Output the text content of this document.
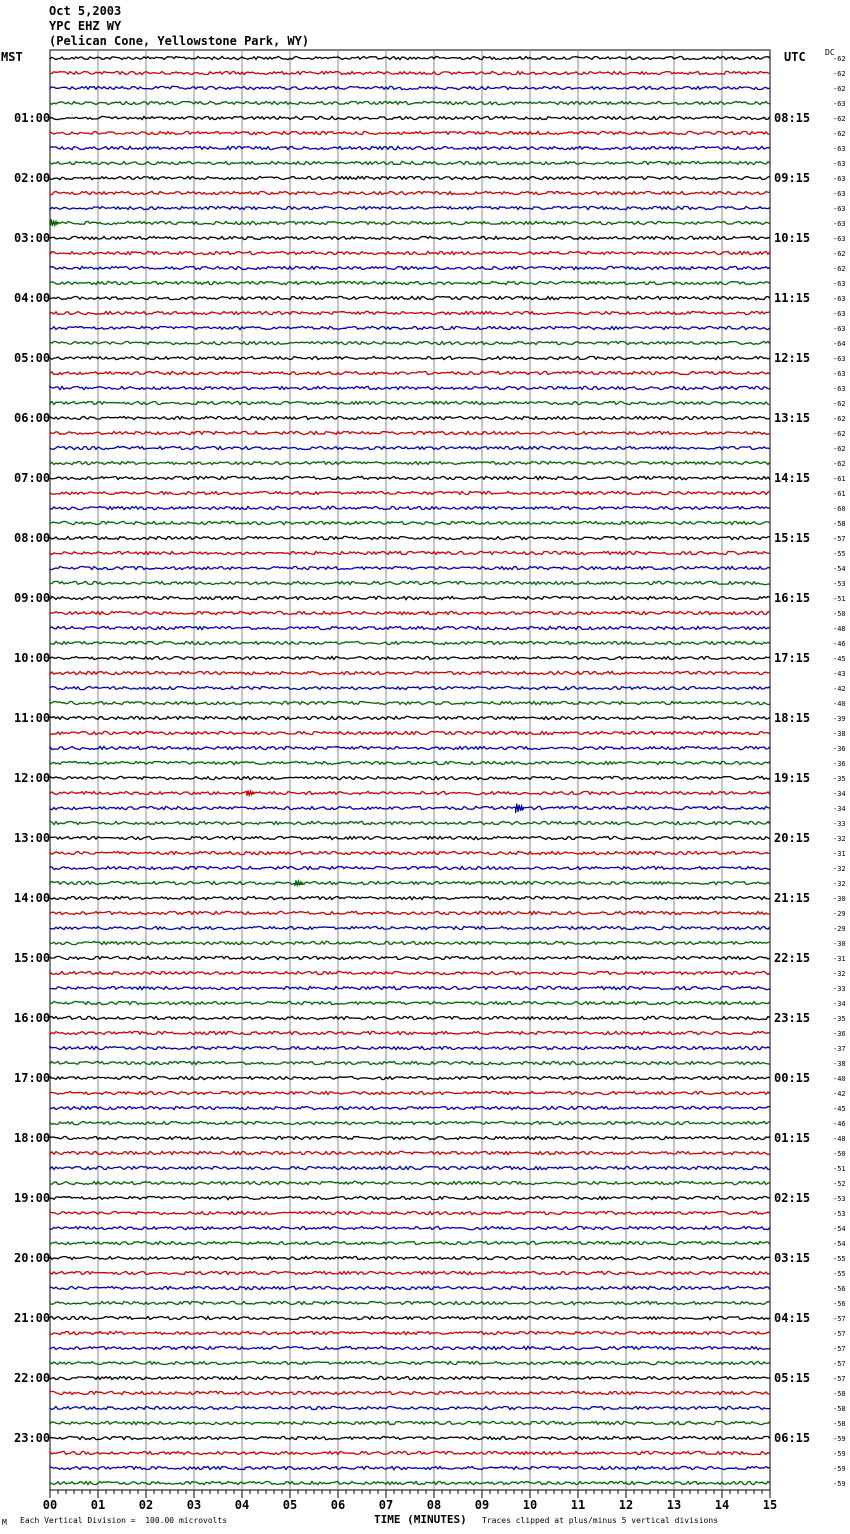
Oct 5,2003
YPC EHZ WY
(Pelican Cone, Yellowstone Park, WY)
MST	UTC DC
01:00
02:00
03:00
04:00
05:00
06:00
07:00
08:00
09:00
10:00
11:00
12:00
13:00
14:00
15:00
16:00
17:00
18:00
19:00
20:00
21:00
22:00
23:00
08:15
09:15
10:15
11:15
12:15
13:15
14:15
15:15
16:15
17:15
18:15
19:15
20:15
21:15
22:15
23:15
00:15
01:15
02:15
03:15
04:15
05:15
06:15
-62
-62
-62
-63
-62
-62
-63
-63
-63
-63
-63
-63
-63
-62
-62
-63
-63
-63
-63
-64
-63
-63
-63
-62
-62
-62
-62
-62
-61
-61
-60
-58
-57
-55
-54
-53
-51
-50
-48
-46
-45
-43
-42
-40
-39
-38
-36
-36
-35
-34
-34
-33
-32
-31
-32
-32
-30
-29
-29
-30
-31
-32
-33
-34
-35
-36
-37
-38
-40
-42
-45
-46
-48
-50
-51
-52
-53
-53
-54
-54
-55
-55
-56
-56
-57
-57
-57
-57
-57
-58
-58
-58
-59
-59
-59
-59
00	01	02	03	04	05	06	07	08	09	10	11	12	13	14	15
M Each Vertical Division =  100.00 microvolts	TIME (MINUTES) Traces clipped at plus/minus 5 vertical divisions
